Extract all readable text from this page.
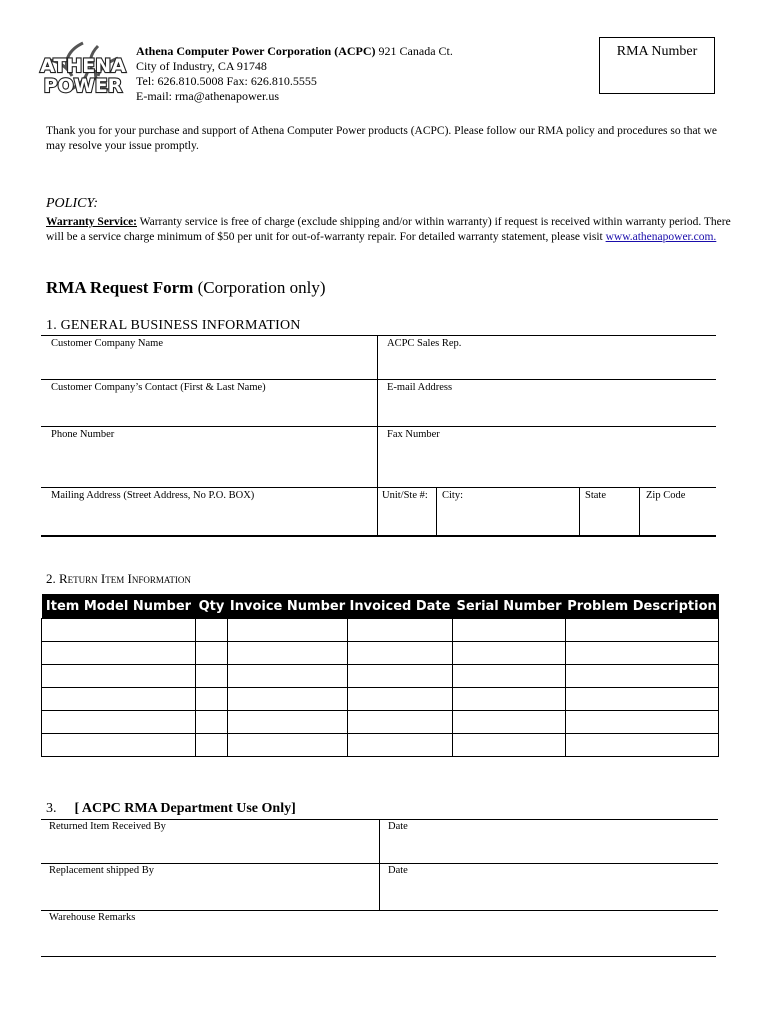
ATHENA
POWER
Athena Computer Power Corporation (ACPC) 921 Canada Ct.
City of Industry, CA 91748
Tel: 626.810.5008 Fax: 626.810.5555
E-mail: rma@athenapower.us
RMA Number
Thank you for your purchase and support of Athena Computer Power products (ACPC). Please follow our RMA policy and procedures so that we may resolve your issue promptly.
POLICY:
Warranty Service: Warranty service is free of charge (exclude shipping and/or within warranty) if request is received within warranty period. There will be a service charge minimum of $50 per unit for out-of-warranty repair. For detailed warranty statement, please visit www.athenapower.com.
RMA Request Form (Corporation only)
1. GENERAL BUSINESS INFORMATION
Customer Company Name	ACPC Sales Rep.
Customer Company’s Contact (First & Last Name)	E-mail Address
Phone Number	Fax Number
Mailing Address (Street Address, No P.O. BOX)	Unit/Ste #: City:	State	Zip Code
2. Return Item Information
Item Model Number	Qty	Invoice Number	Invoiced Date	Serial Number	Problem Description

3. [ ACPC RMA Department Use Only]
Returned Item Received By	Date
Replacement shipped By	Date
Warehouse Remarks
